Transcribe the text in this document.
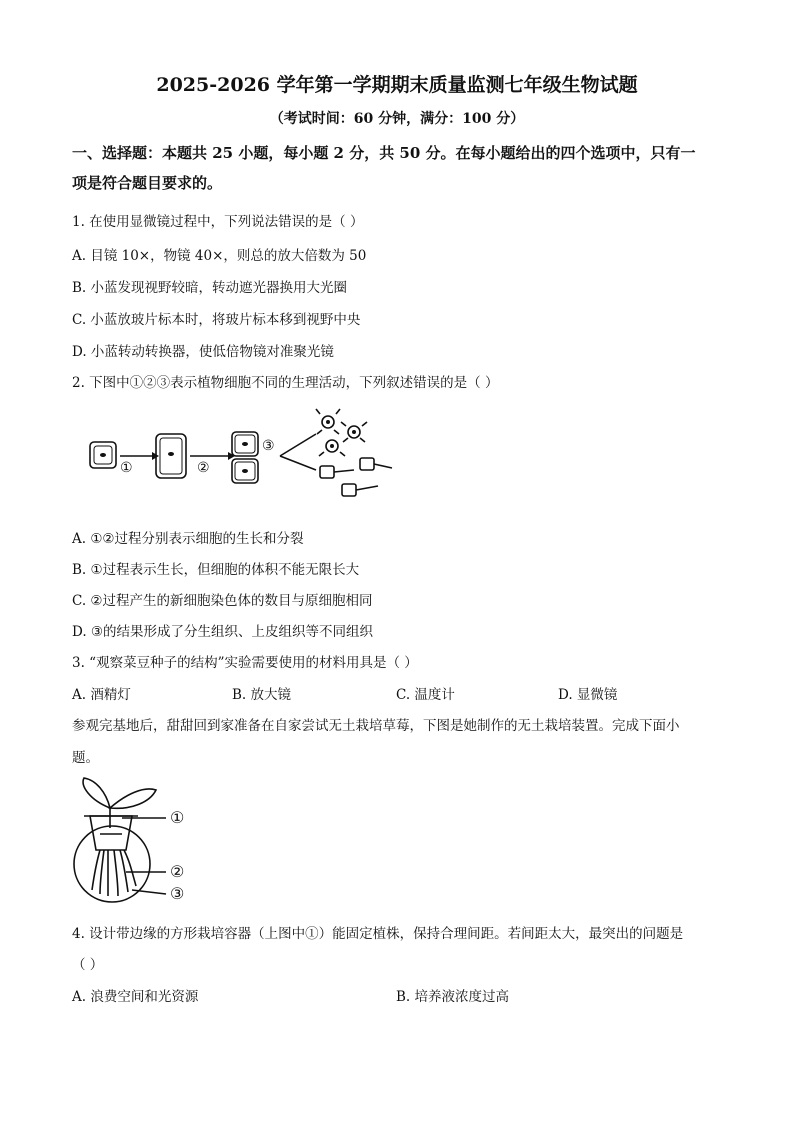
2025-2026 学年第一学期期末质量监测七年级生物试题
（考试时间：60 分钟，满分：100 分）
一、选择题：本题共 25 小题，每小题 2 分，共 50 分。在每小题给出的四个选项中，只有一
项是符合题目要求的。
1. 在使用显微镜过程中，下列说法错误的是（ ）
A. 目镜 10×，物镜 40×，则总的放大倍数为 50
B. 小蓝发现视野较暗，转动遮光器换用大光圈
C. 小蓝放玻片标本时，将玻片标本移到视野中央
D. 小蓝转动转换器，使低倍物镜对准聚光镜
2. 下图中①②③表示植物细胞不同的生理活动，下列叙述错误的是（ ）
①	②
③
A. ①②过程分别表示细胞的生长和分裂
B. ①过程表示生长，但细胞的体积不能无限长大
C. ②过程产生的新细胞染色体的数目与原细胞相同
D. ③的结果形成了分生组织、上皮组织等不同组织
3. “观察菜豆种子的结构”实验需要使用的材料用具是（ ）
A. 酒精灯	B. 放大镜	C. 温度计	D. 显微镜
参观完基地后，甜甜回到家准备在自家尝试无土栽培草莓，下图是她制作的无土栽培装置。完成下面小
题。
①
②
③
4. 设计带边缘的方形栽培容器（上图中①）能固定植株，保持合理间距。若间距太大，最突出的问题是
（ ）
A. 浪费空间和光资源	B. 培养液浓度过高
